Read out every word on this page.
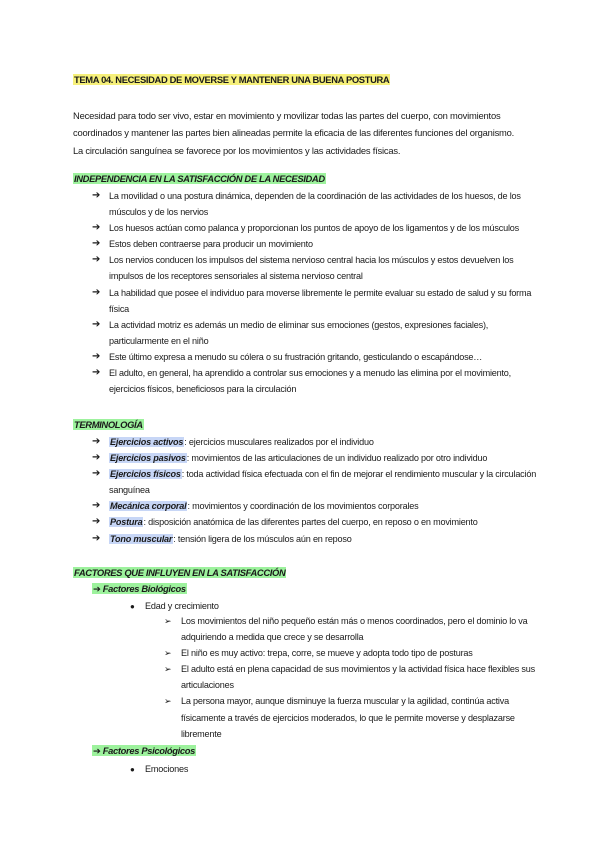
TEMA 04. NECESIDAD DE MOVERSE Y MANTENER UNA BUENA POSTURA

Necesidad para todo ser vivo, estar en movimiento y movilizar todas las partes del cuerpo, con movimientos

coordinados y mantener las partes bien alineadas permite la eficacia de las diferentes funciones del organismo.

La circulación sanguínea se favorece por los movimientos y las actividades físicas.

INDEPENDENCIA EN LA SATISFACCIÓN DE LA NECESIDAD
➔ La movilidad o una postura dinámica, dependen de la coordinación de las actividades de los huesos, de los músculos y de los nervios
➔ Los huesos actúan como palanca y proporcionan los puntos de apoyo de los ligamentos y de los músculos
➔ Estos deben contraerse para producir un movimiento
➔ Los nervios conducen los impulsos del sistema nervioso central hacia los músculos y estos devuelven los impulsos de los receptores sensoriales al sistema nervioso central
➔ La habilidad que posee el individuo para moverse libremente le permite evaluar su estado de salud y su forma física
➔ La actividad motriz es además un medio de eliminar sus emociones (gestos, expresiones faciales), particularmente en el niño
➔ Este último expresa a menudo su cólera o su frustración gritando, gesticulando o escapándose…
➔ El adulto, en general, ha aprendido a controlar sus emociones y a menudo las elimina por el movimiento, ejercicios físicos, beneficiosos para la circulación
TERMINOLOGÍA
➔ Ejercicios activos: ejercicios musculares realizados por el individuo
➔ Ejercicios pasivos: movimientos de las articulaciones de un individuo realizado por otro individuo
➔ Ejercicios físicos: toda actividad física efectuada con el fin de mejorar el rendimiento muscular y la circulación sanguínea
➔ Mecánica corporal: movimientos y coordinación de los movimientos corporales
➔ Postura: disposición anatómica de las diferentes partes del cuerpo, en reposo o en movimiento
➔ Tono muscular: tensión ligera de los músculos aún en reposo
FACTORES QUE INFLUYEN EN LA SATISFACCIÓN
➔ Factores Biológicos
● Edad y crecimiento
➢ Los movimientos del niño pequeño están más o menos coordinados, pero el dominio lo va adquiriendo a medida que crece y se desarrolla
➢ El niño es muy activo: trepa, corre, se mueve y adopta todo tipo de posturas
➢ El adulto está en plena capacidad de sus movimientos y la actividad física hace flexibles sus articulaciones
➢ La persona mayor, aunque disminuye la fuerza muscular y la agilidad, continúa activa físicamente a través de ejercicios moderados, lo que le permite moverse y desplazarse libremente
➔ Factores Psicológicos
● Emociones
